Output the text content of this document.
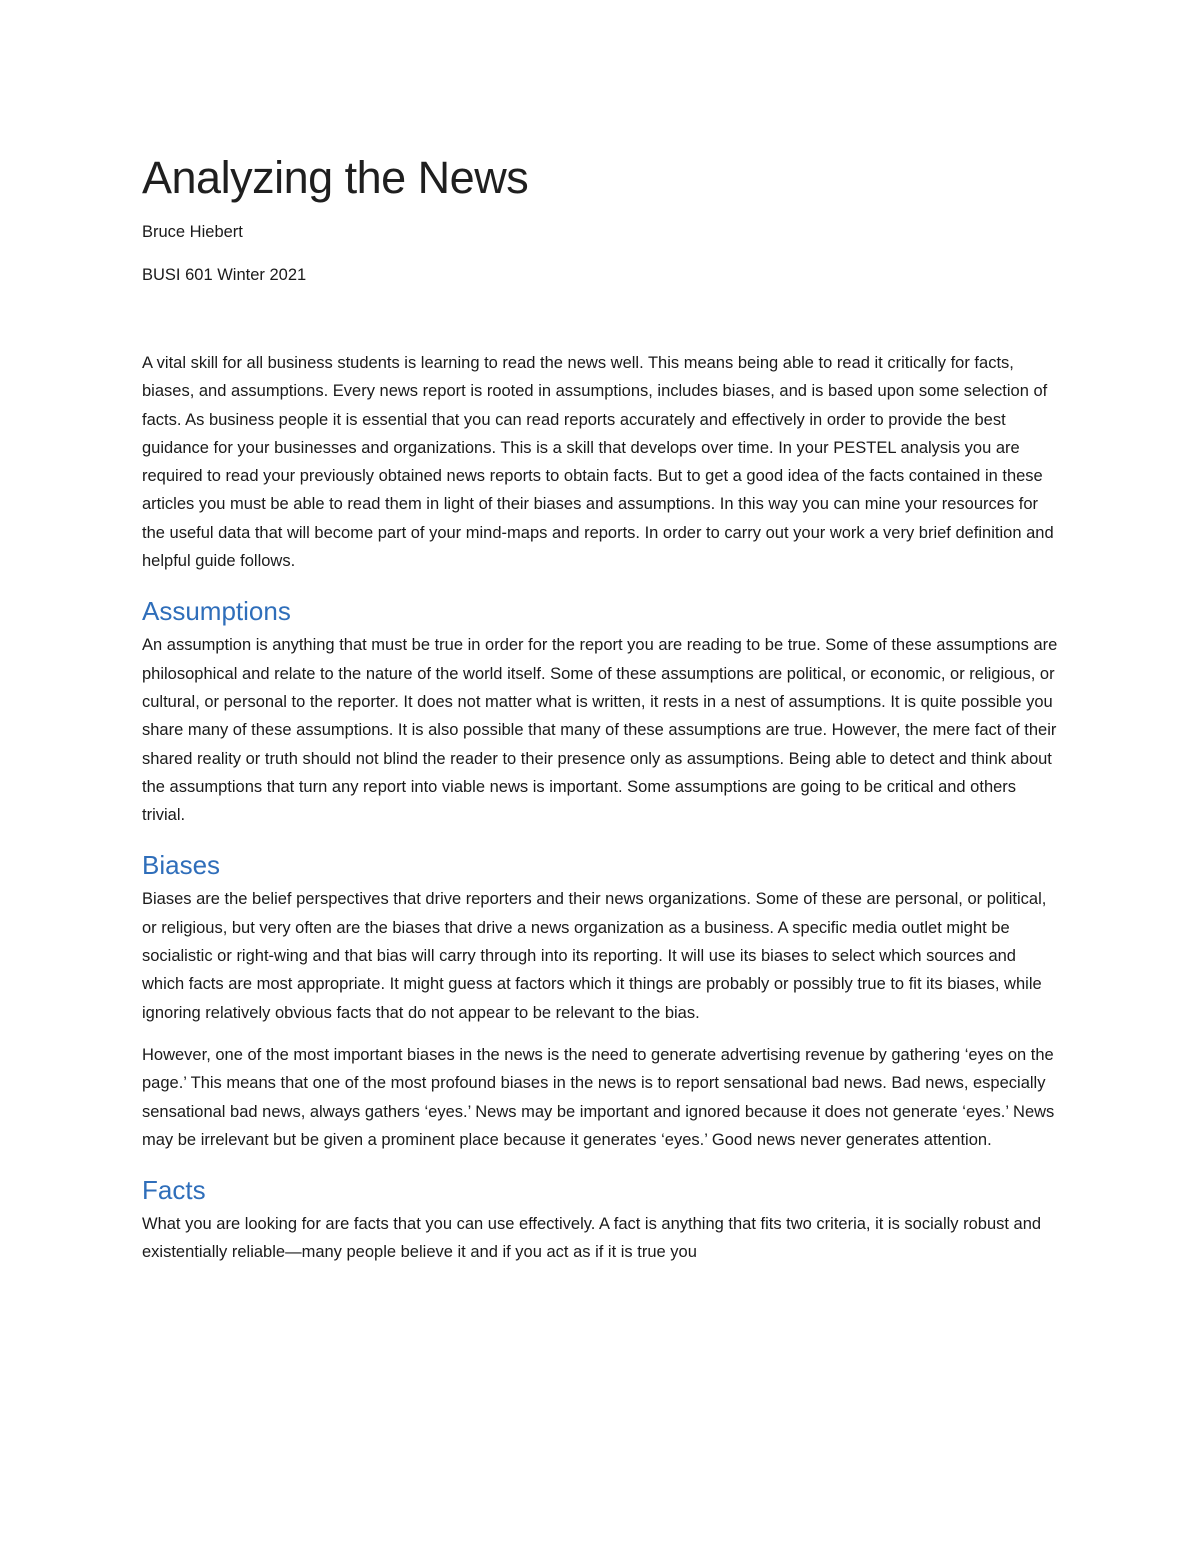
Analyzing the News

Bruce Hiebert

BUSI 601 Winter 2021

A vital skill for all business students is learning to read the news well. This means being able to read it critically for facts, biases, and assumptions. Every news report is rooted in assumptions, includes biases, and is based upon some selection of facts. As business people it is essential that you can read reports accurately and effectively in order to provide the best guidance for your businesses and organizations. This is a skill that develops over time. In your PESTEL analysis you are required to read your previously obtained news reports to obtain facts. But to get a good idea of the facts contained in these articles you must be able to read them in light of their biases and assumptions. In this way you can mine your resources for the useful data that will become part of your mind-maps and reports. In order to carry out your work a very brief definition and helpful guide follows.

Assumptions

An assumption is anything that must be true in order for the report you are reading to be true. Some of these assumptions are philosophical and relate to the nature of the world itself. Some of these assumptions are political, or economic, or religious, or cultural, or personal to the reporter. It does not matter what is written, it rests in a nest of assumptions. It is quite possible you share many of these assumptions. It is also possible that many of these assumptions are true. However, the mere fact of their shared reality or truth should not blind the reader to their presence only as assumptions. Being able to detect and think about the assumptions that turn any report into viable news is important. Some assumptions are going to be critical and others trivial.

Biases

Biases are the belief perspectives that drive reporters and their news organizations. Some of these are personal, or political, or religious, but very often are the biases that drive a news organization as a business. A specific media outlet might be socialistic or right-wing and that bias will carry through into its reporting. It will use its biases to select which sources and which facts are most appropriate. It might guess at factors which it things are probably or possibly true to fit its biases, while ignoring relatively obvious facts that do not appear to be relevant to the bias.

However, one of the most important biases in the news is the need to generate advertising revenue by gathering ‘eyes on the page.’ This means that one of the most profound biases in the news is to report sensational bad news. Bad news, especially sensational bad news, always gathers ‘eyes.’ News may be important and ignored because it does not generate ‘eyes.’ News may be irrelevant but be given a prominent place because it generates ‘eyes.’ Good news never generates attention.

Facts

What you are looking for are facts that you can use effectively. A fact is anything that fits two criteria, it is socially robust and existentially reliable—many people believe it and if you act as if it is true you
